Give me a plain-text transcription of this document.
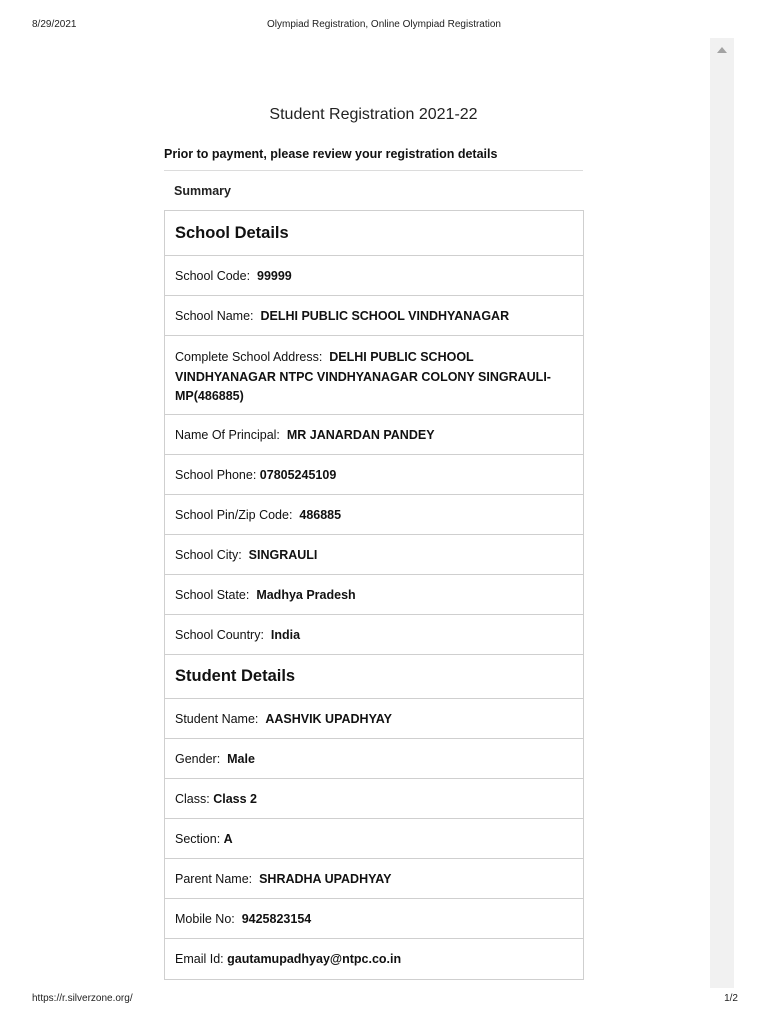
8/29/2021	Olympiad Registration, Online Olympiad Registration
Student Registration 2021-22
Prior to payment, please review your registration details
Summary
School Details
School Code: 99999
School Name: DELHI PUBLIC SCHOOL VINDHYANAGAR
Complete School Address:  DELHI PUBLIC SCHOOL VINDHYANAGAR NTPC VINDHYANAGAR COLONY SINGRAULI-MP(486885)
Name Of Principal: MR JANARDAN PANDEY
School Phone: 07805245109
School Pin/Zip Code: 486885
School City: SINGRAULI
School State: Madhya Pradesh
School Country: India
Student Details
Student Name: AASHVIK UPADHYAY
Gender: Male
Class: Class 2
Section: A
Parent Name: SHRADHA UPADHYAY
Mobile No: 9425823154
Email Id: gautamupadhyay@ntpc.co.in
https://r.silverzone.org/	1/2
